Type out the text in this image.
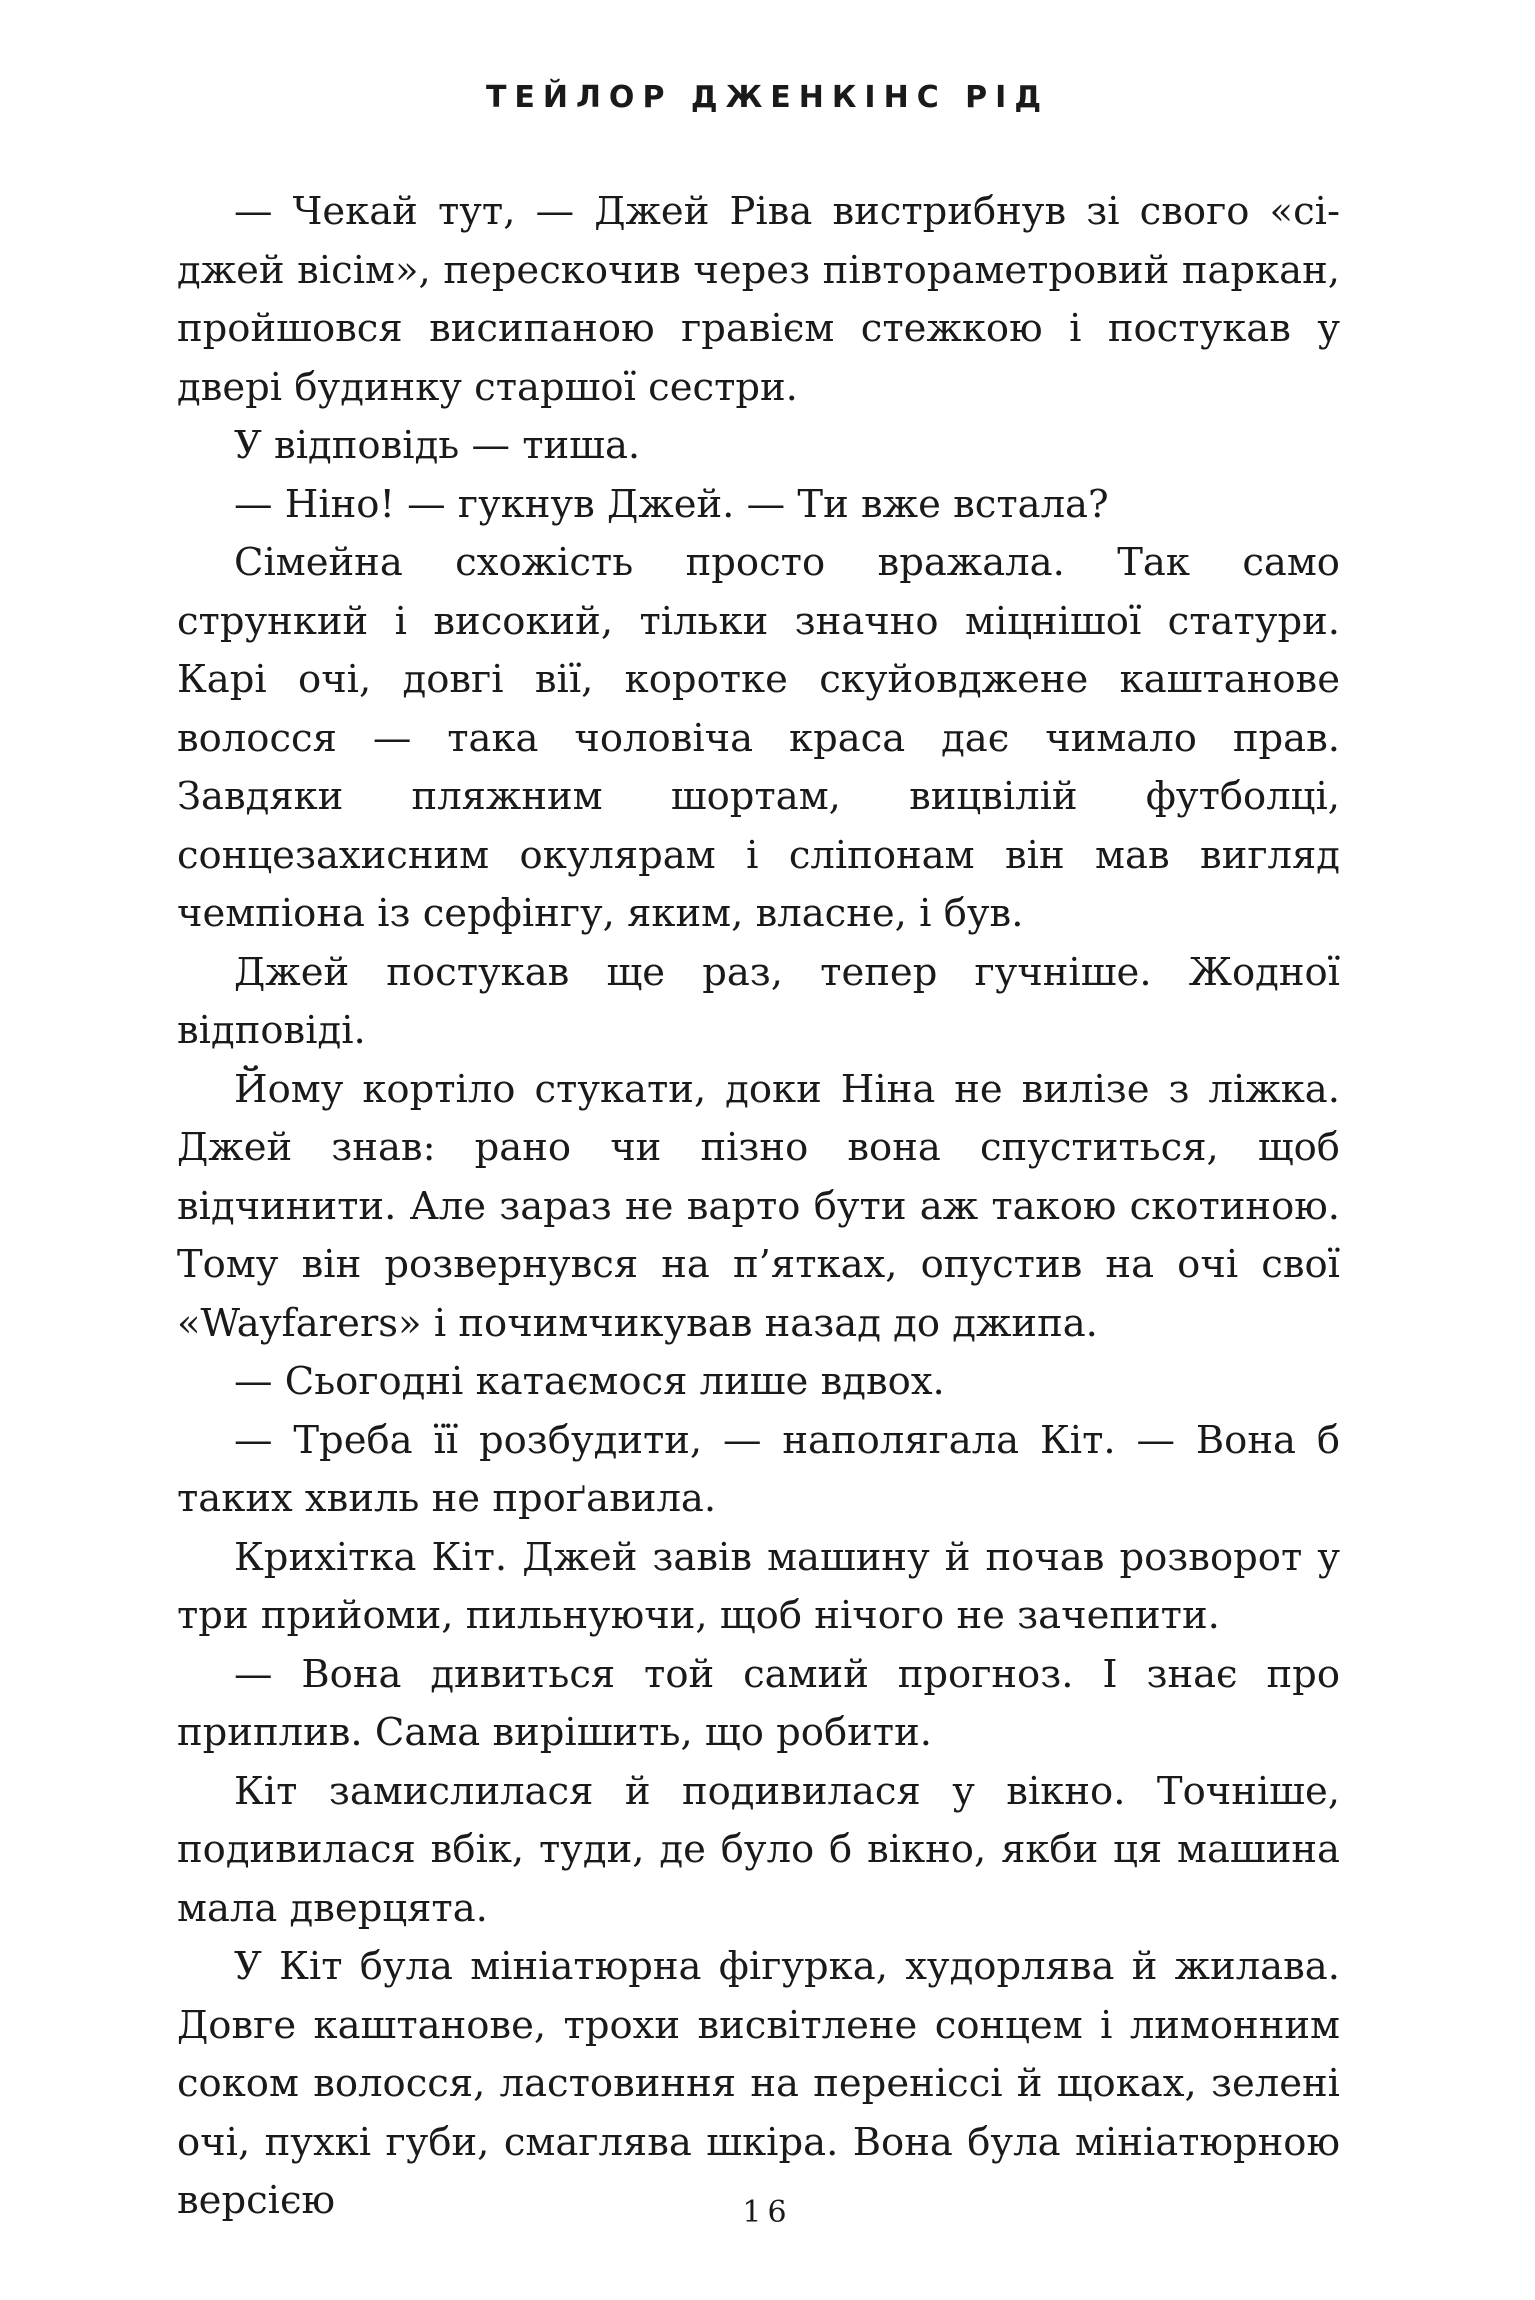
ТЕЙЛОР ДЖЕНКІНС РІД

— Чекай тут, — Джей Ріва вистрибнув зі свого «сі-джей вісім», перескочив через півтораметровий паркан, пройшовся висипаною гравієм стежкою і постукав у двері будинку старшої сестри.

У відповідь — тиша.

— Ніно! — гукнув Джей. — Ти вже встала?

Сімейна схожість просто вражала. Так само стрункий і високий, тільки значно міцнішої статури. Карі очі, довгі вії, коротке скуйовджене каштанове волосся — така чоловіча краса дає чимало прав. Завдяки пляжним шортам, вицвілій футболці, сонцезахисним окулярам і сліпонам він мав вигляд чемпіона із серфінгу, яким, власне, і був.

Джей постукав ще раз, тепер гучніше. Жодної відповіді.

Йому кортіло стукати, доки Ніна не вилізе з ліжка. Джей знав: рано чи пізно вона спуститься, щоб відчинити. Але зараз не варто бути аж такою скотиною. Тому він розвернувся на п’ятках, опустив на очі свої «Wayfarers» і почимчикував назад до джипа.

— Сьогодні катаємося лише вдвох.

— Треба її розбудити, — наполягала Кіт. — Вона б таких хвиль не проґавила.

Крихітка Кіт. Джей завів машину й почав розворот у три прийоми, пильнуючи, щоб нічого не зачепити.

— Вона дивиться той самий прогноз. І знає про приплив. Сама вирішить, що робити.

Кіт замислилася й подивилася у вікно. Точніше, подивилася вбік, туди, де було б вікно, якби ця машина мала дверцята.

У Кіт була мініатюрна фігурка, худорлява й жилава. Довге каштанове, трохи висвітлене сонцем і лимонним соком волосся, ластовиння на переніссі й щоках, зелені очі, пухкі губи, смаглява шкіра. Вона була мініатюрною версією	16
